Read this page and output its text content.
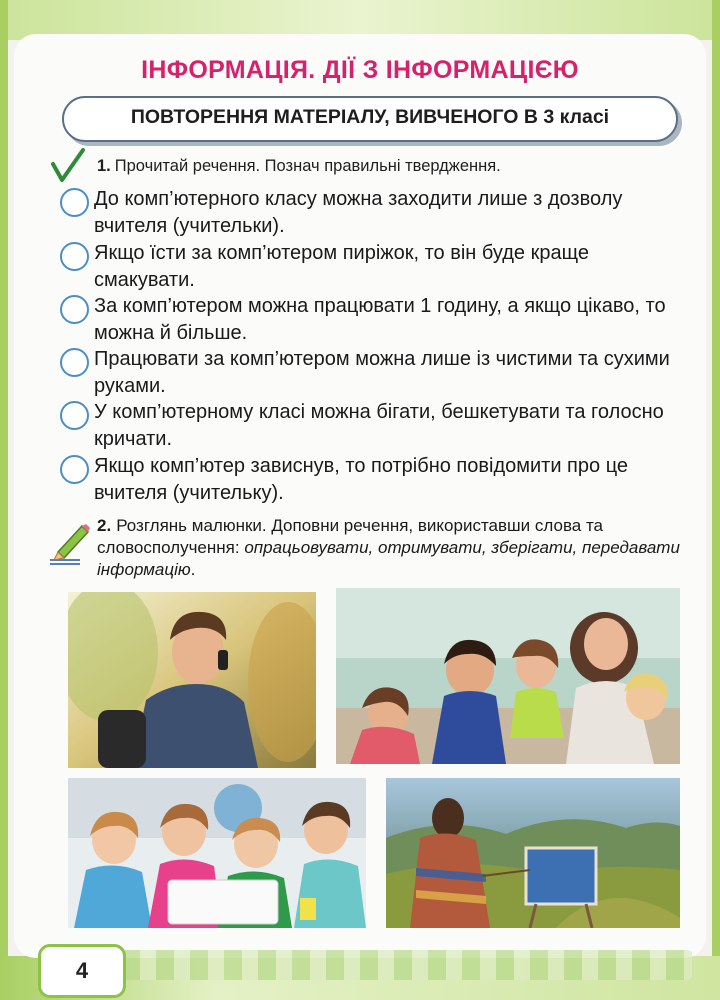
ІНФОРМАЦІЯ. ДІЇ З ІНФОРМАЦІЄЮ
ПОВТОРЕННЯ МАТЕРІАЛУ, ВИВЧЕНОГО В 3 класі
1. Прочитай речення. Познач правильні твердження.
До комп’ютерного класу можна заходити лише з дозволу вчителя (учительки).
Якщо їсти за комп’ютером пиріжок, то він буде краще смакувати.
За комп’ютером можна працювати 1 годину, а якщо цікаво, то можна й більше.
Працювати за комп’ютером можна лише із чистими та сухими руками.
У комп’ютерному класі можна бігати, бешкетувати та голосно кричати.
Якщо комп’ютер зависнув, то потрібно повідомити про це вчителя (учительку).
2. Розглянь малюнки. Доповни речення, використавши слова та словосполучення: опрацьовувати, отримувати, зберігати, передавати інформацію.
4
